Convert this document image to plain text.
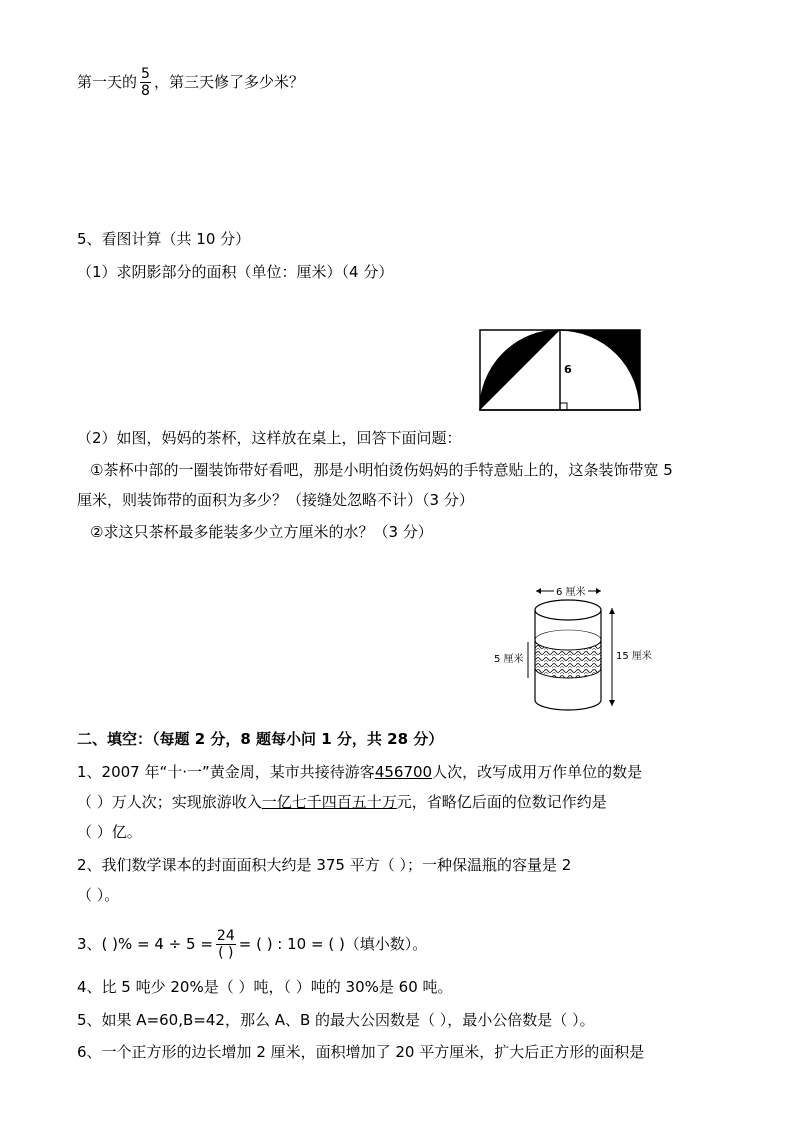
第一天的 $\frac{5}{8}$ ，第三天修了多少米？
5、看图计算（共 10 分）
（1）求阴影部分的面积（单位：厘米）（4 分）
6
（2）如图，妈妈的茶杯，这样放在桌上，回答下面问题：
①茶杯中部的一圈装饰带好看吧，那是小明怕烫伤妈妈的手特意贴上的，这条装饰带宽 5
厘米，则装饰带的面积为多少？（接缝处忽略不计）（3 分）
②求这只茶杯最多能装多少立方厘米的水？（3 分）
6 厘米
5 厘米	15 厘米
二、填空：（每题 2 分，8 题每小问 1 分，共 28 分）
1、2007 年“十·一”黄金周，某市共接待游客456700人次，改写成用万作单位的数是
（ ）万人次；实现旅游收入一亿七千四百五十万元，省略亿后面的位数记作约是
（ ）亿。
2、我们数学课本的封面面积大约是 375 平方（ ）；一种保温瓶的容量是 2
（ ）。
3、( )% = $4 \div 5 = \frac{24}{( )}$ = ( ) : 10 = ( )（填小数）。
4、比 5 吨少 20%是（ ）吨，（ ）吨的 30%是 60 吨。
5、如果 A=60,B=42，那么 A、B 的最大公因数是（ ），最小公倍数是（ ）。
6、一个正方形的边长增加 2 厘米，面积增加了 20 平方厘米，扩大后正方形的面积是
